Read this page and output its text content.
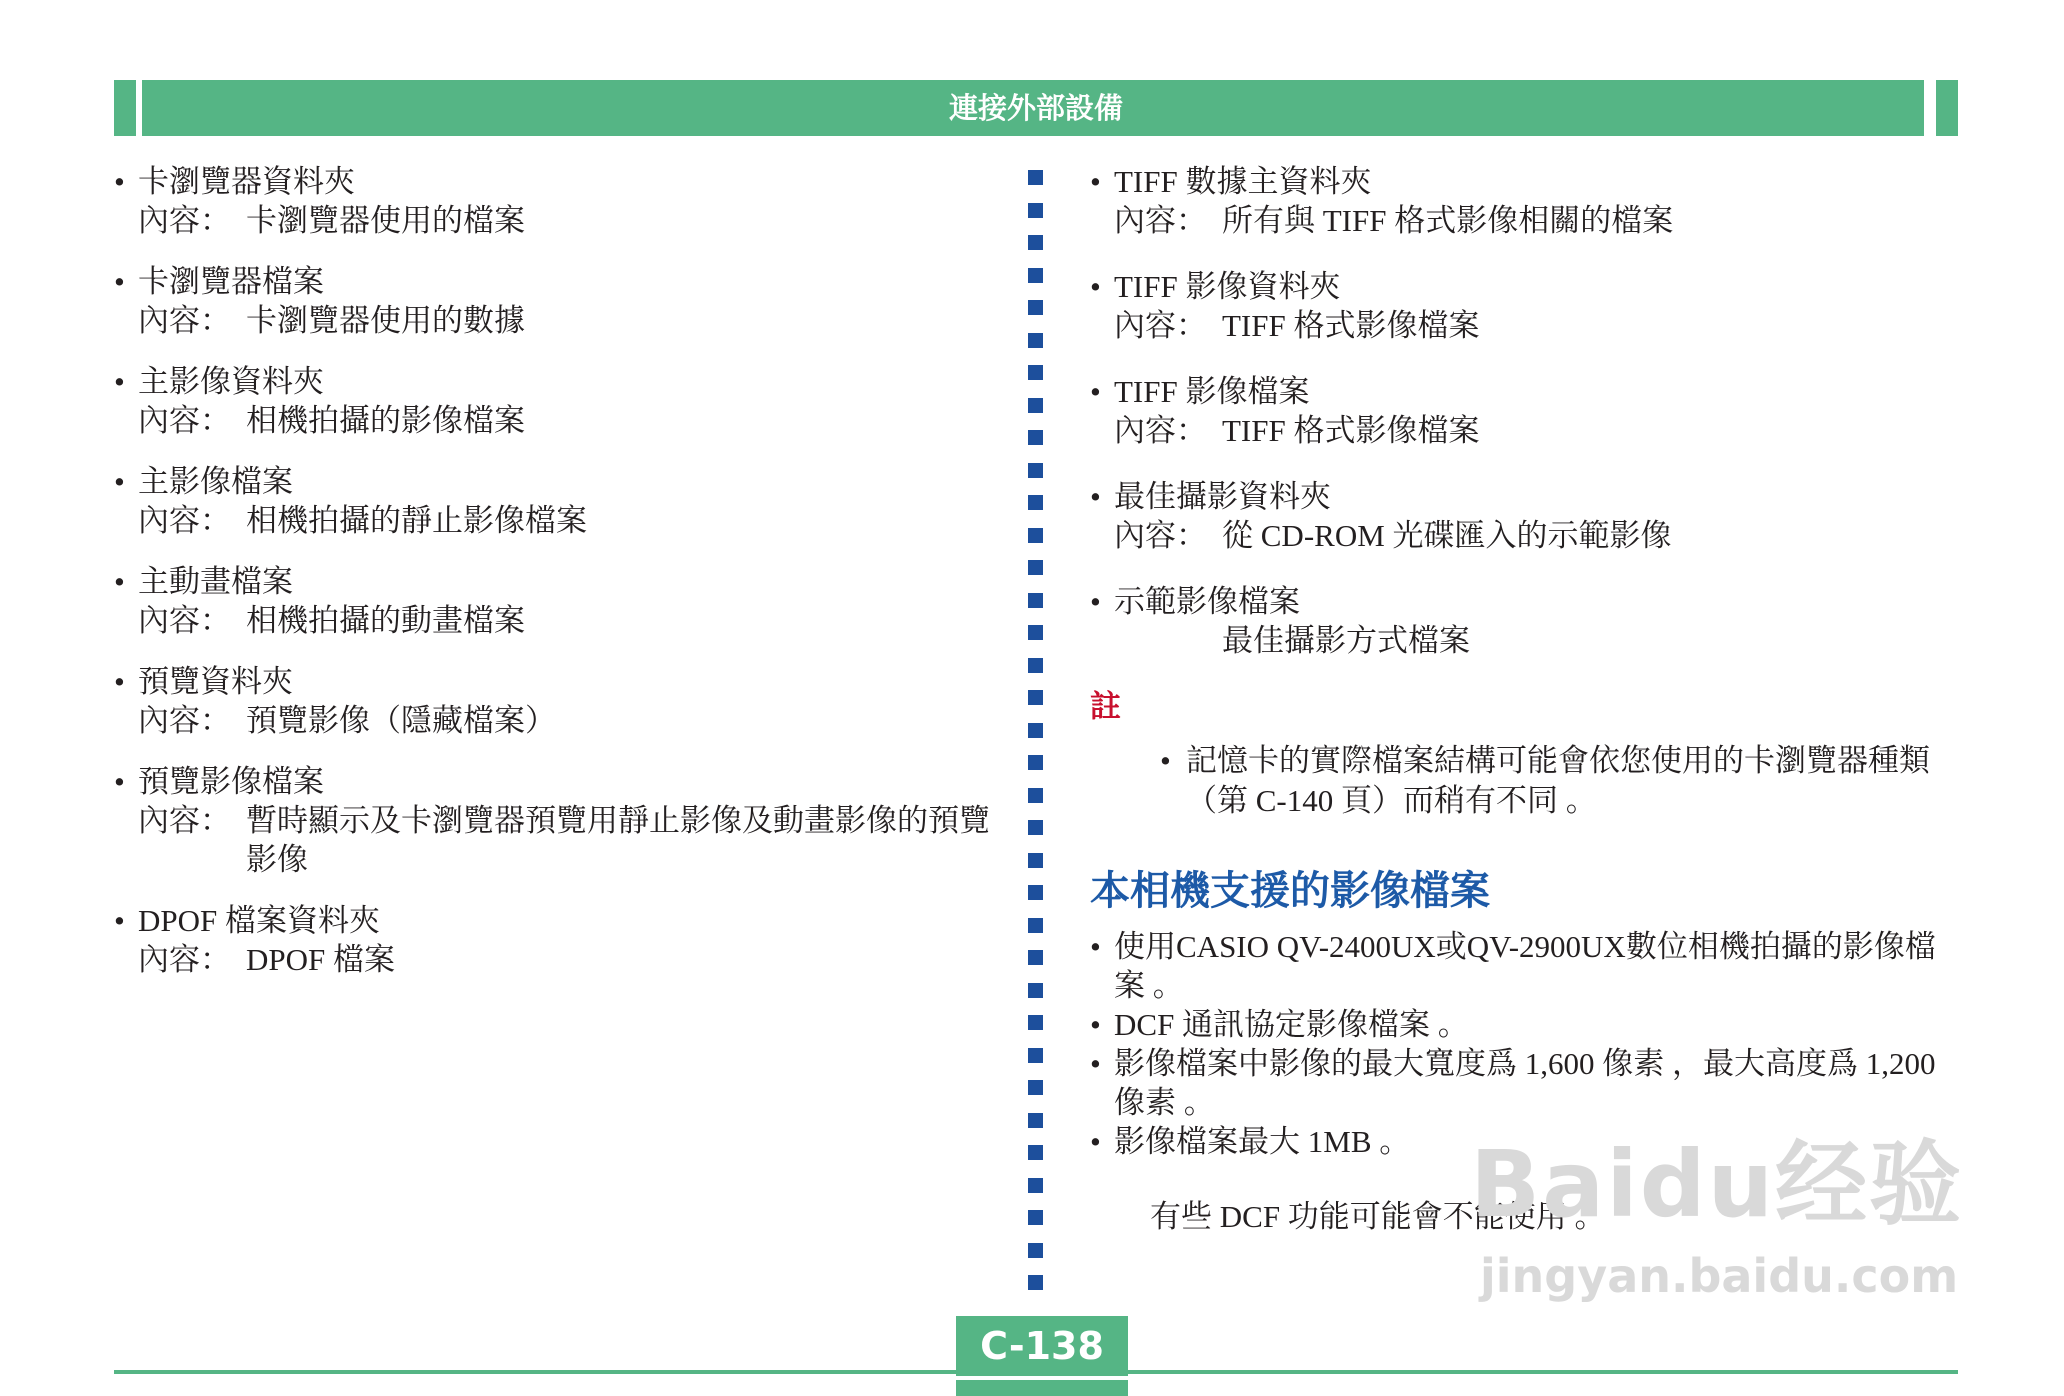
連接外部設備
• 卡瀏覽器資料夾
內容： 卡瀏覽器使用的檔案
• 卡瀏覽器檔案
內容： 卡瀏覽器使用的數據
• 主影像資料夾
內容： 相機拍攝的影像檔案
• 主影像檔案
內容： 相機拍攝的靜止影像檔案
• 主動畫檔案
內容： 相機拍攝的動畫檔案
• 預覽資料夾
內容： 預覽影像（隱藏檔案）
• 預覽影像檔案
內容： 暫時顯示及卡瀏覽器預覽用靜止影像及動畫影像的預覽影像
• DPOF 檔案資料夾
內容： DPOF 檔案
• TIFF 數據主資料夾
內容： 所有與 TIFF 格式影像相關的檔案
• TIFF 影像資料夾
內容： TIFF 格式影像檔案
• TIFF 影像檔案
內容： TIFF 格式影像檔案
• 最佳攝影資料夾
內容： 從 CD-ROM 光碟匯入的示範影像
• 示範影像檔案
最佳攝影方式檔案
註
• 記憶卡的實際檔案結構可能會依您使用的卡瀏覽器種類（第 C-140 頁）而稍有不同 。
本相機支援的影像檔案
• 使用CASIO QV-2400UX或QV-2900UX數位相機拍攝的影像檔案 。
• DCF 通訊協定影像檔案 。
• 影像檔案中影像的最大寬度爲 1,600 像素 ，最大高度爲 1,200 像素 。
• 影像檔案最大 1MB 。
有些 DCF 功能可能會不能使用 。
C-138
Baidu经验
jingyan.baidu.com
